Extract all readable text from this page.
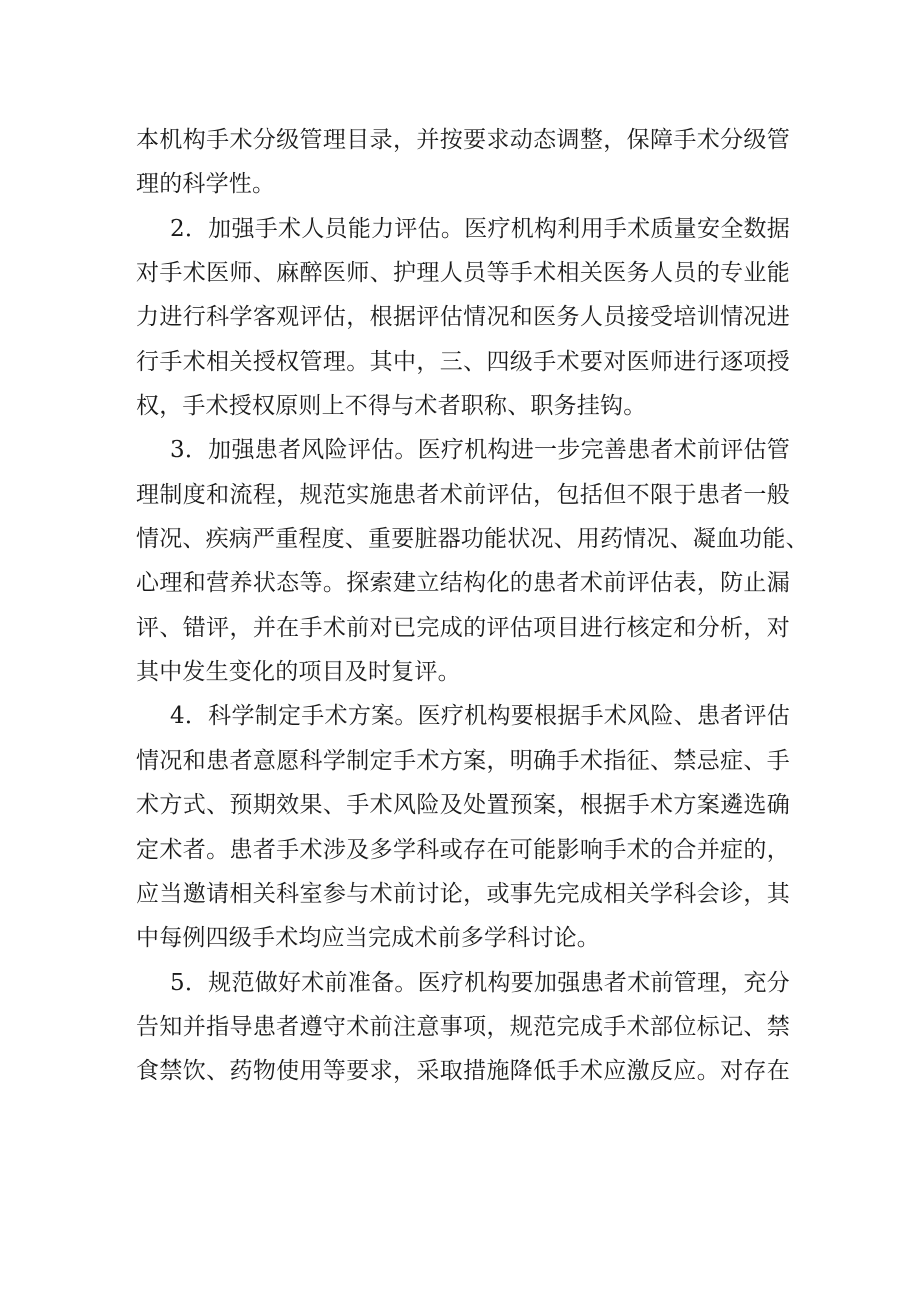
本机构手术分级管理目录，并按要求动态调整，保障手术分级管
理的科学性。
2．加强手术人员能力评估。医疗机构利用手术质量安全数据
对手术医师、麻醉医师、护理人员等手术相关医务人员的专业能
力进行科学客观评估，根据评估情况和医务人员接受培训情况进
行手术相关授权管理。其中，三、四级手术要对医师进行逐项授
权，手术授权原则上不得与术者职称、职务挂钩。
3．加强患者风险评估。医疗机构进一步完善患者术前评估管
理制度和流程，规范实施患者术前评估，包括但不限于患者一般
情况、疾病严重程度、重要脏器功能状况、用药情况、凝血功能、
心理和营养状态等。探索建立结构化的患者术前评估表，防止漏
评、错评，并在手术前对已完成的评估项目进行核定和分析，对
其中发生变化的项目及时复评。
4．科学制定手术方案。医疗机构要根据手术风险、患者评估
情况和患者意愿科学制定手术方案，明确手术指征、禁忌症、手
术方式、预期效果、手术风险及处置预案，根据手术方案遴选确
定术者。患者手术涉及多学科或存在可能影响手术的合并症的，
应当邀请相关科室参与术前讨论，或事先完成相关学科会诊，其
中每例四级手术均应当完成术前多学科讨论。
5．规范做好术前准备。医疗机构要加强患者术前管理，充分
告知并指导患者遵守术前注意事项，规范完成手术部位标记、禁
食禁饮、药物使用等要求，采取措施降低手术应激反应。对存在
